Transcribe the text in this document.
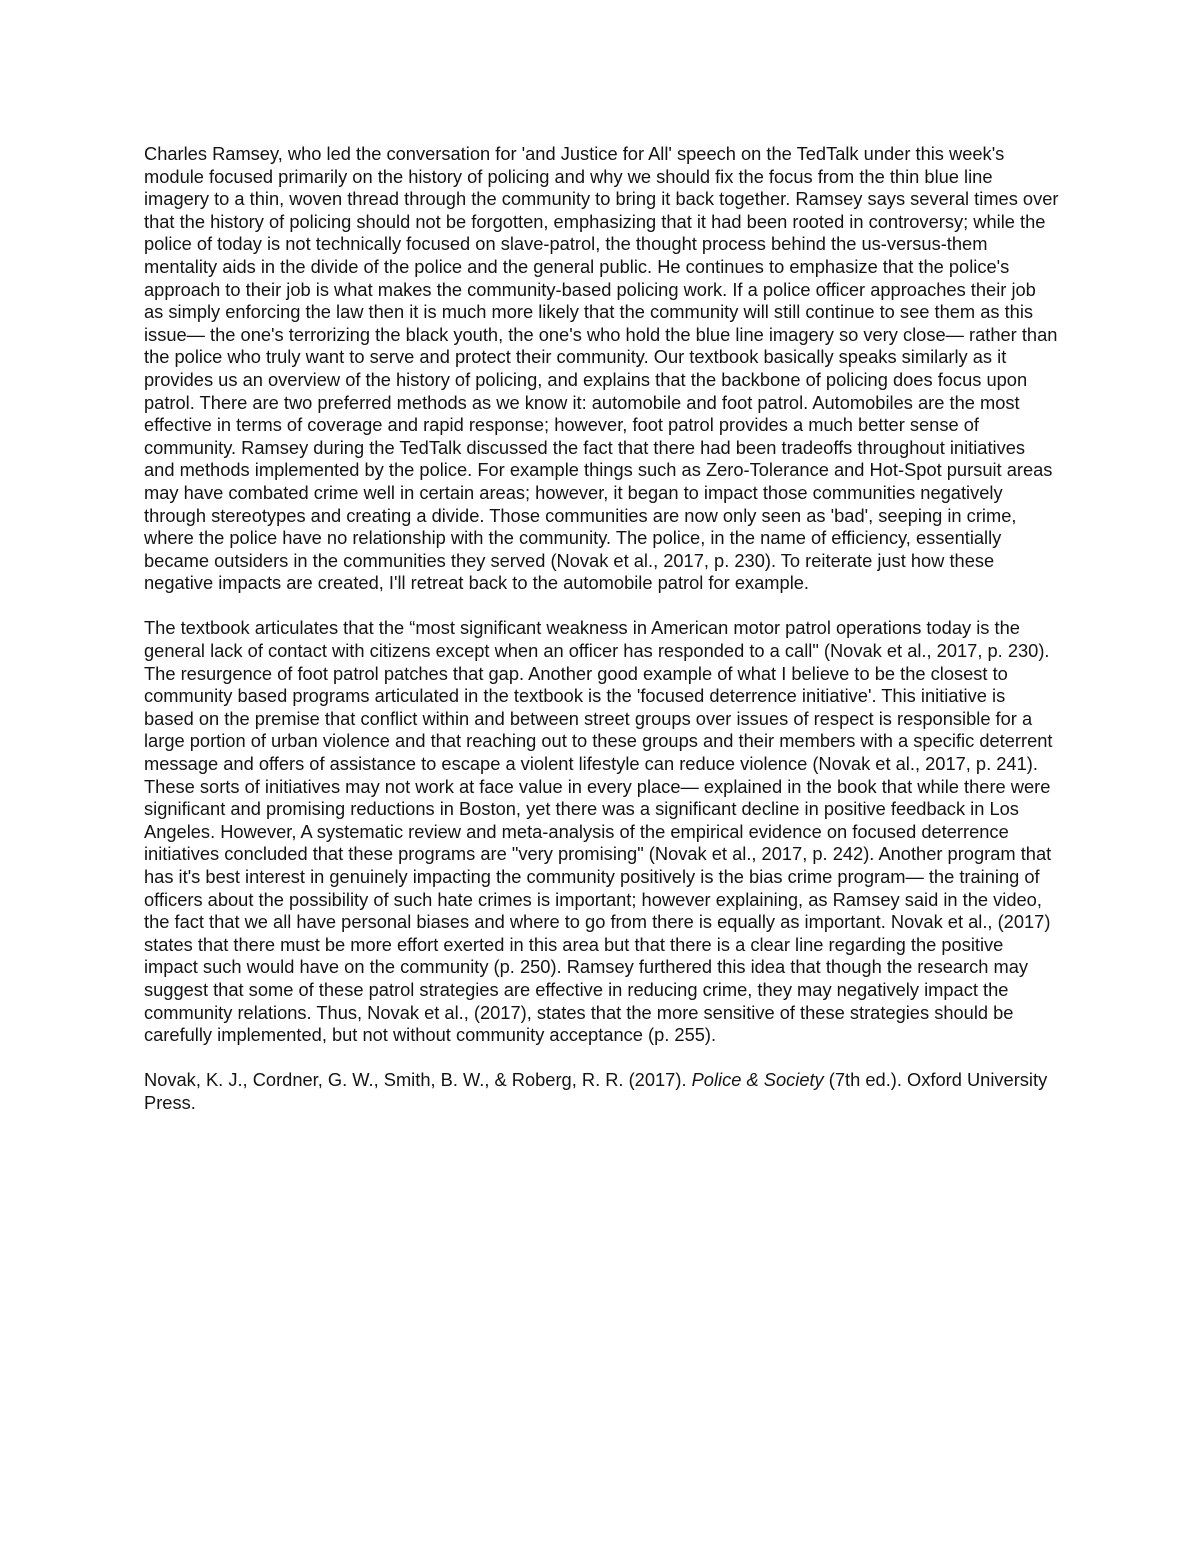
Charles Ramsey, who led the conversation for 'and Justice for All' speech on the TedTalk under this week's module focused primarily on the history of policing and why we should fix the focus from the thin blue line imagery to a thin, woven thread through the community to bring it back together. Ramsey says several times over that the history of policing should not be forgotten, emphasizing that it had been rooted in controversy; while the police of today is not technically focused on slave-patrol, the thought process behind the us-versus-them mentality aids in the divide of the police and the general public. He continues to emphasize that the police's approach to their job is what makes the community-based policing work. If a police officer approaches their job as simply enforcing the law then it is much more likely that the community will still continue to see them as this issue— the one's terrorizing the black youth, the one's who hold the blue line imagery so very close— rather than the police who truly want to serve and protect their community. Our textbook basically speaks similarly as it provides us an overview of the history of policing, and explains that the backbone of policing does focus upon patrol. There are two preferred methods as we know it: automobile and foot patrol. Automobiles are the most effective in terms of coverage and rapid response; however, foot patrol provides a much better sense of community. Ramsey during the TedTalk discussed the fact that there had been tradeoffs throughout initiatives and methods implemented by the police. For example things such as Zero-Tolerance and Hot-Spot pursuit areas may have combated crime well in certain areas; however, it began to impact those communities negatively through stereotypes and creating a divide. Those communities are now only seen as 'bad', seeping in crime, where the police have no relationship with the community. The police, in the name of efficiency, essentially became outsiders in the communities they served (Novak et al., 2017, p. 230). To reiterate just how these negative impacts are created, I'll retreat back to the automobile patrol for example.

The textbook articulates that the “most significant weakness in American motor patrol operations today is the general lack of contact with citizens except when an officer has responded to a call" (Novak et al., 2017, p. 230). The resurgence of foot patrol patches that gap. Another good example of what I believe to be the closest to community based programs articulated in the textbook is the 'focused deterrence initiative'. This initiative is based on the premise that conflict within and between street groups over issues of respect is responsible for a large portion of urban violence and that reaching out to these groups and their members with a specific deterrent message and offers of assistance to escape a violent lifestyle can reduce violence (Novak et al., 2017, p. 241). These sorts of initiatives may not work at face value in every place— explained in the book that while there were significant and promising reductions in Boston, yet there was a significant decline in positive feedback in Los Angeles. However, A systematic review and meta-analysis of the empirical evidence on focused deterrence initiatives concluded that these programs are "very promising" (Novak et al., 2017, p. 242). Another program that has it's best interest in genuinely impacting the community positively is the bias crime program— the training of officers about the possibility of such hate crimes is important; however explaining, as Ramsey said in the video, the fact that we all have personal biases and where to go from there is equally as important. Novak et al., (2017) states that there must be more effort exerted in this area but that there is a clear line regarding the positive impact such would have on the community (p. 250). Ramsey furthered this idea that though the research may suggest that some of these patrol strategies are effective in reducing crime, they may negatively impact the community relations. Thus, Novak et al., (2017), states that the more sensitive of these strategies should be carefully implemented, but not without community acceptance (p. 255).

Novak, K. J., Cordner, G. W., Smith, B. W., & Roberg, R. R. (2017). Police & Society (7th ed.). Oxford University Press.
